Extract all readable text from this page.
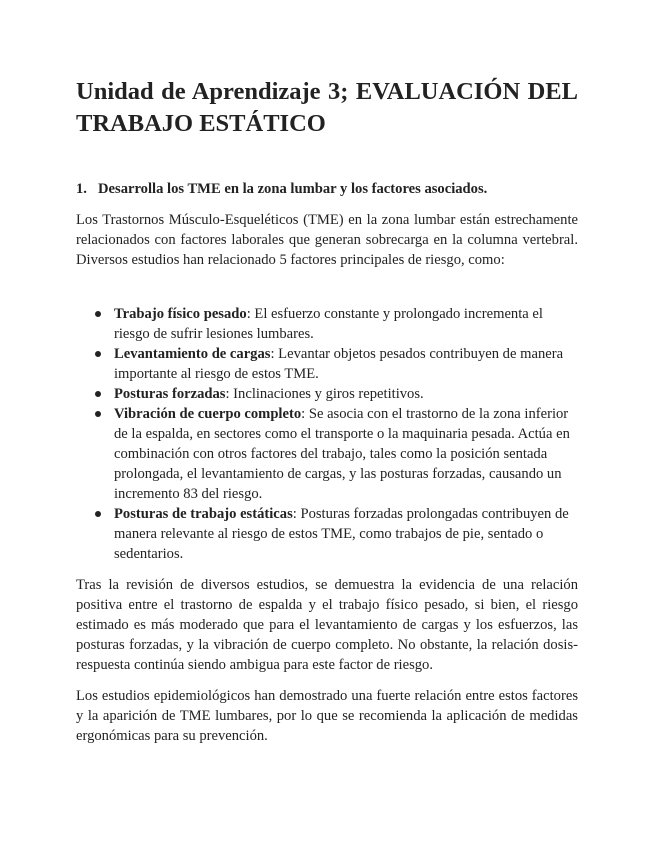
Unidad de Aprendizaje 3; EVALUACIÓN DEL TRABAJO ESTÁTICO
1. Desarrolla los TME en la zona lumbar y los factores asociados.

Los Trastornos Músculo-Esqueléticos (TME) en la zona lumbar están estrechamente relacionados con factores laborales que generan sobrecarga en la columna vertebral. Diversos estudios han relacionado 5 factores principales de riesgo, como:

Trabajo físico pesado: El esfuerzo constante y prolongado incrementa el riesgo de sufrir lesiones lumbares.
Levantamiento de cargas: Levantar objetos pesados contribuyen de manera importante al riesgo de estos TME.
Posturas forzadas: Inclinaciones y giros repetitivos.
Vibración de cuerpo completo: Se asocia con el trastorno de la zona inferior de la espalda, en sectores como el transporte o la maquinaria pesada. Actúa en combinación con otros factores del trabajo, tales como la posición sentada prolongada, el levantamiento de cargas, y las posturas forzadas, causando un incremento 83 del riesgo.
Posturas de trabajo estáticas: Posturas forzadas prolongadas contribuyen de manera relevante al riesgo de estos TME, como trabajos de pie, sentado o sedentarios.

Tras la revisión de diversos estudios, se demuestra la evidencia de una relación positiva entre el trastorno de espalda y el trabajo físico pesado, si bien, el riesgo estimado es más moderado que para el levantamiento de cargas y los esfuerzos, las posturas forzadas, y la vibración de cuerpo completo. No obstante, la relación dosis-respuesta continúa siendo ambigua para este factor de riesgo.

Los estudios epidemiológicos han demostrado una fuerte relación entre estos factores y la aparición de TME lumbares, por lo que se recomienda la aplicación de medidas ergonómicas para su prevención.
